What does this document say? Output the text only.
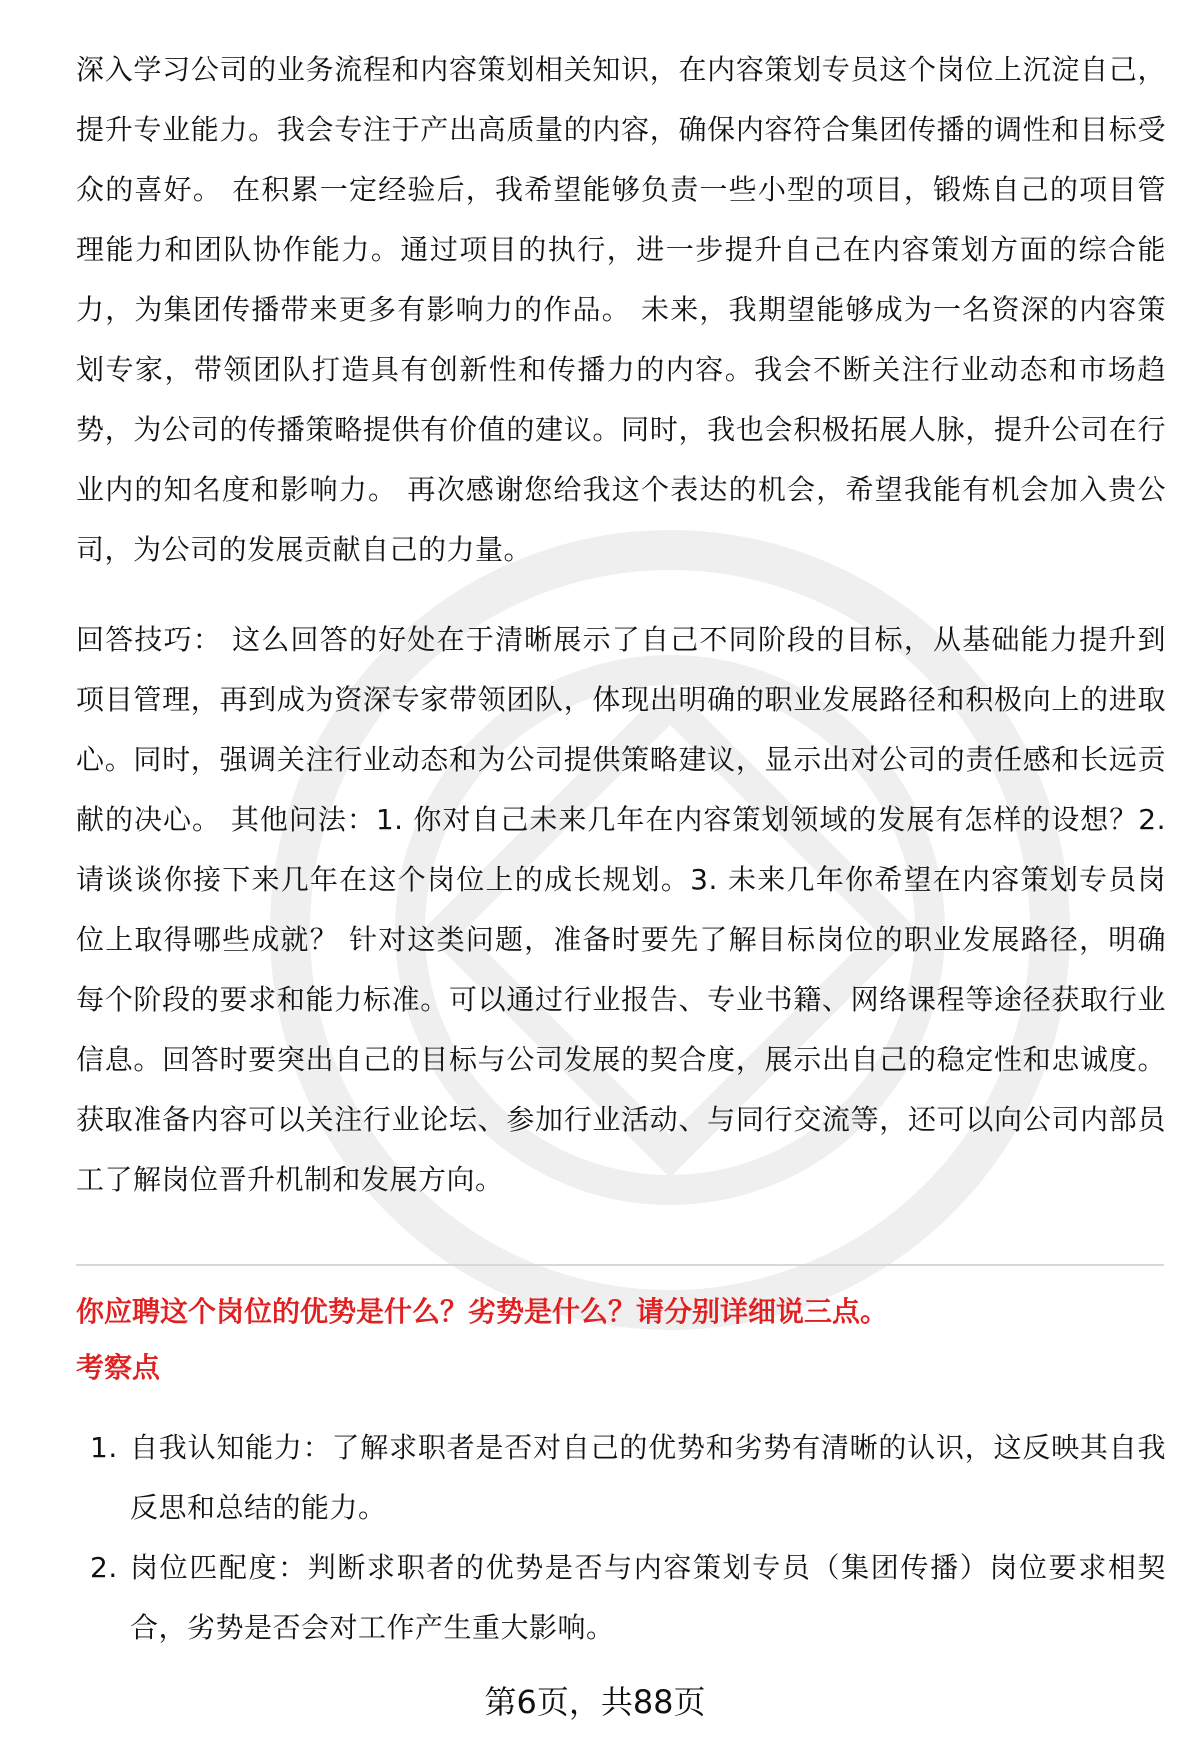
深入学习公司的业务流程和内容策划相关知识，在内容策划专员这个岗位上沉淀自己，提升专业能力。我会专注于产出高质量的内容，确保内容符合集团传播的调性和目标受众的喜好。 在积累一定经验后，我希望能够负责一些小型的项目，锻炼自己的项目管理能力和团队协作能力。通过项目的执行，进一步提升自己在内容策划方面的综合能力，为集团传播带来更多有影响力的作品。 未来，我期望能够成为一名资深的内容策划专家，带领团队打造具有创新性和传播力的内容。我会不断关注行业动态和市场趋势，为公司的传播策略提供有价值的建议。同时，我也会积极拓展人脉，提升公司在行业内的知名度和影响力。 再次感谢您给我这个表达的机会，希望我能有机会加入贵公司，为公司的发展贡献自己的力量。

回答技巧： 这么回答的好处在于清晰展示了自己不同阶段的目标，从基础能力提升到项目管理，再到成为资深专家带领团队，体现出明确的职业发展路径和积极向上的进取心。同时，强调关注行业动态和为公司提供策略建议，显示出对公司的责任感和长远贡献的决心。 其他问法：1. 你对自己未来几年在内容策划领域的发展有怎样的设想？2. 请谈谈你接下来几年在这个岗位上的成长规划。3. 未来几年你希望在内容策划专员岗位上取得哪些成就？ 针对这类问题，准备时要先了解目标岗位的职业发展路径，明确每个阶段的要求和能力标准。可以通过行业报告、专业书籍、网络课程等途径获取行业信息。回答时要突出自己的目标与公司发展的契合度，展示出自己的稳定性和忠诚度。获取准备内容可以关注行业论坛、参加行业活动、与同行交流等，还可以向公司内部员工了解岗位晋升机制和发展方向。

你应聘这个岗位的优势是什么？劣势是什么？请分别详细说三点。

考察点

1. 自我认知能力：了解求职者是否对自己的优势和劣势有清晰的认识，这反映其自我反思和总结的能力。
2. 岗位匹配度：判断求职者的优势是否与内容策划专员（集团传播）岗位要求相契合，劣势是否会对工作产生重大影响。
第6页，共88页
